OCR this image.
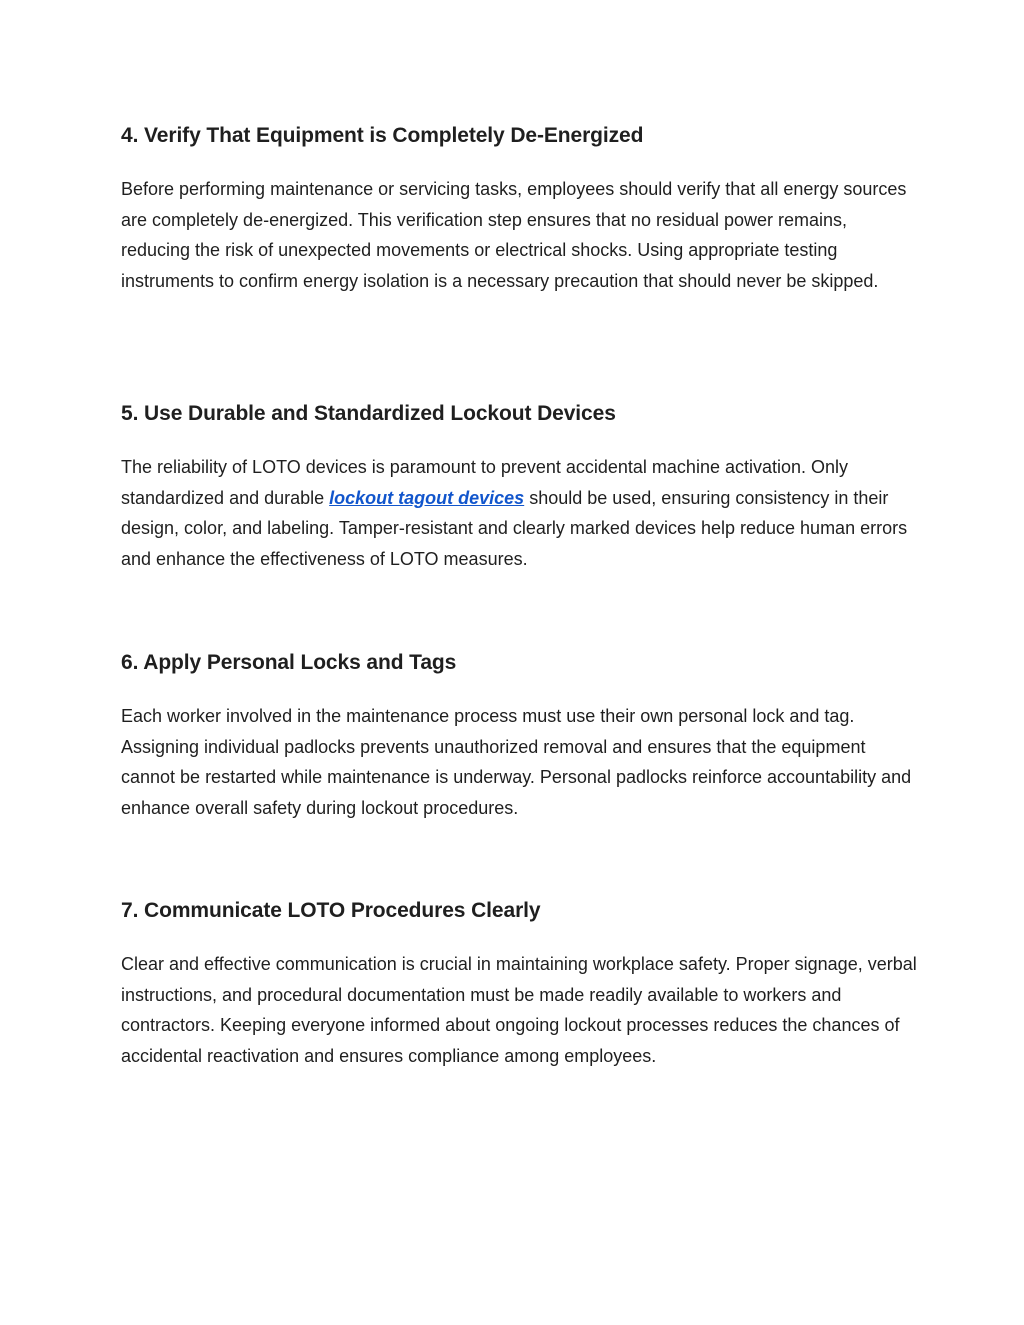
4. Verify That Equipment is Completely De-Energized

Before performing maintenance or servicing tasks, employees should verify that all energy sources are completely de-energized. This verification step ensures that no residual power remains, reducing the risk of unexpected movements or electrical shocks. Using appropriate testing instruments to confirm energy isolation is a necessary precaution that should never be skipped.

5. Use Durable and Standardized Lockout Devices

The reliability of LOTO devices is paramount to prevent accidental machine activation. Only standardized and durable lockout tagout devices should be used, ensuring consistency in their design, color, and labeling. Tamper-resistant and clearly marked devices help reduce human errors and enhance the effectiveness of LOTO measures.

6. Apply Personal Locks and Tags

Each worker involved in the maintenance process must use their own personal lock and tag. Assigning individual padlocks prevents unauthorized removal and ensures that the equipment cannot be restarted while maintenance is underway. Personal padlocks reinforce accountability and enhance overall safety during lockout procedures.

7. Communicate LOTO Procedures Clearly

Clear and effective communication is crucial in maintaining workplace safety. Proper signage, verbal instructions, and procedural documentation must be made readily available to workers and contractors. Keeping everyone informed about ongoing lockout processes reduces the chances of accidental reactivation and ensures compliance among employees.
